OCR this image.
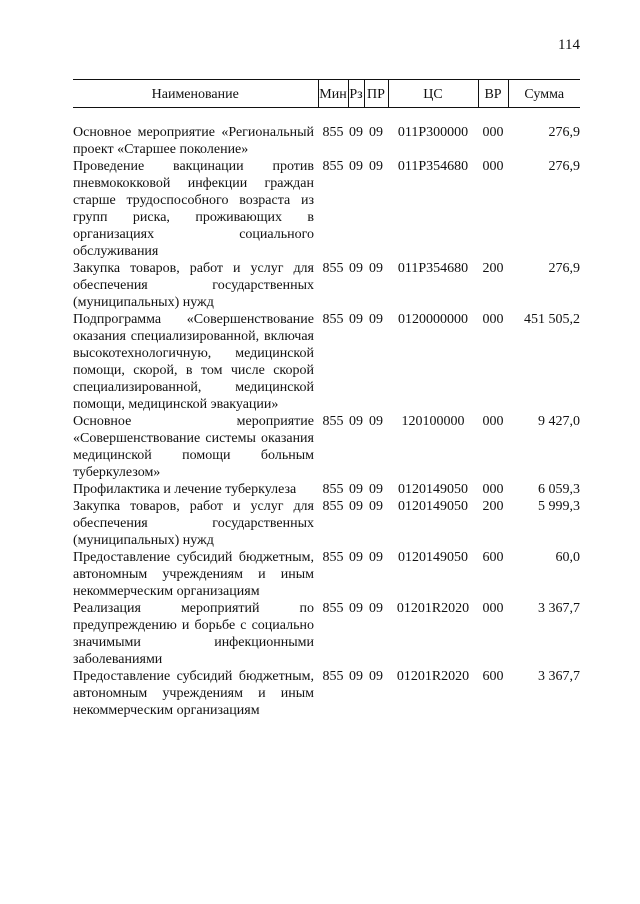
114
Наименование	Мин	Рз	ПР	ЦС	ВР	Сумма

Основное мероприятие «Региональный проект «Старшее поколение»	855	09	09	011P300000	000	276,9
Проведение вакцинации против пневмококковой инфекции граждан старше трудоспособного возраста из групп риска, проживающих в организациях социального обслуживания	855	09	09	011P354680	000	276,9
Закупка товаров, работ и услуг для обеспечения государственных (муниципальных) нужд	855	09	09	011P354680	200	276,9
Подпрограмма «Совершенствование оказания специализированной, включая высокотехнологичную, медицинской помощи, скорой, в том числе скорой специализированной, медицинской помощи, медицинской эвакуации»	855	09	09	0120000000	000	451 505,2
Основное мероприятие «Совершенствование системы оказания медицинской помощи больным туберкулезом»	855	09	09	120100000	000	9 427,0
Профилактика и лечение туберкулеза	855	09	09	0120149050	000	6 059,3
Закупка товаров, работ и услуг для обеспечения государственных (муниципальных) нужд	855	09	09	0120149050	200	5 999,3
Предоставление субсидий бюджетным, автономным учреждениям и иным некоммерческим организациям	855	09	09	0120149050	600	60,0
Реализация мероприятий по предупреждению и борьбе с социально значимыми инфекционными заболеваниями	855	09	09	01201R2020	000	3 367,7
Предоставление субсидий бюджетным, автономным учреждениям и иным некоммерческим организациям	855	09	09	01201R2020	600	3 367,7
